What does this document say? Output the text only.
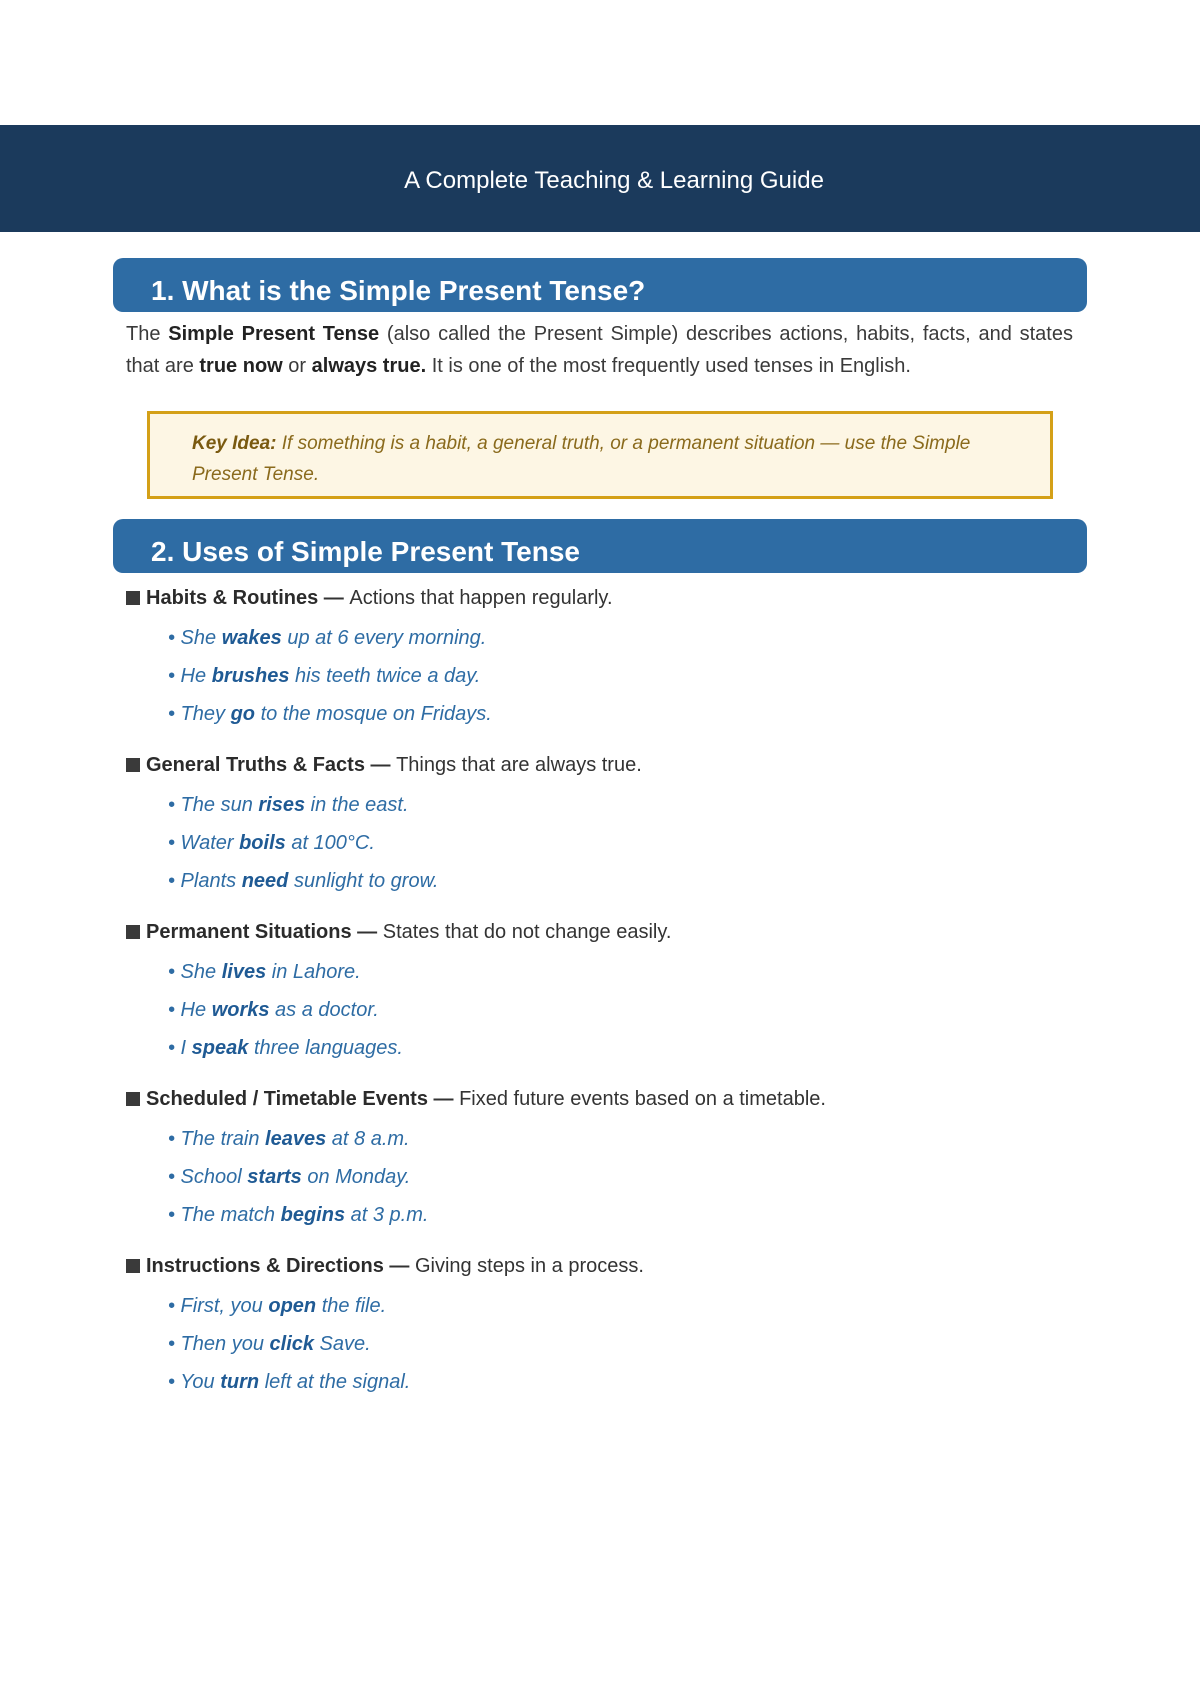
A Complete Teaching & Learning Guide
1. What is the Simple Present Tense?
The Simple Present Tense (also called the Present Simple) describes actions, habits, facts, and states that are true now or always true. It is one of the most frequently used tenses in English.
Key Idea: If something is a habit, a general truth, or a permanent situation — use the Simple Present Tense.
2. Uses of Simple Present Tense
Habits & Routines — Actions that happen regularly.
• She wakes up at 6 every morning.
• He brushes his teeth twice a day.
• They go to the mosque on Fridays.
General Truths & Facts — Things that are always true.
• The sun rises in the east.
• Water boils at 100°C.
• Plants need sunlight to grow.
Permanent Situations — States that do not change easily.
• She lives in Lahore.
• He works as a doctor.
• I speak three languages.
Scheduled / Timetable Events — Fixed future events based on a timetable.
• The train leaves at 8 a.m.
• School starts on Monday.
• The match begins at 3 p.m.
Instructions & Directions — Giving steps in a process.
• First, you open the file.
• Then you click Save.
• You turn left at the signal.
